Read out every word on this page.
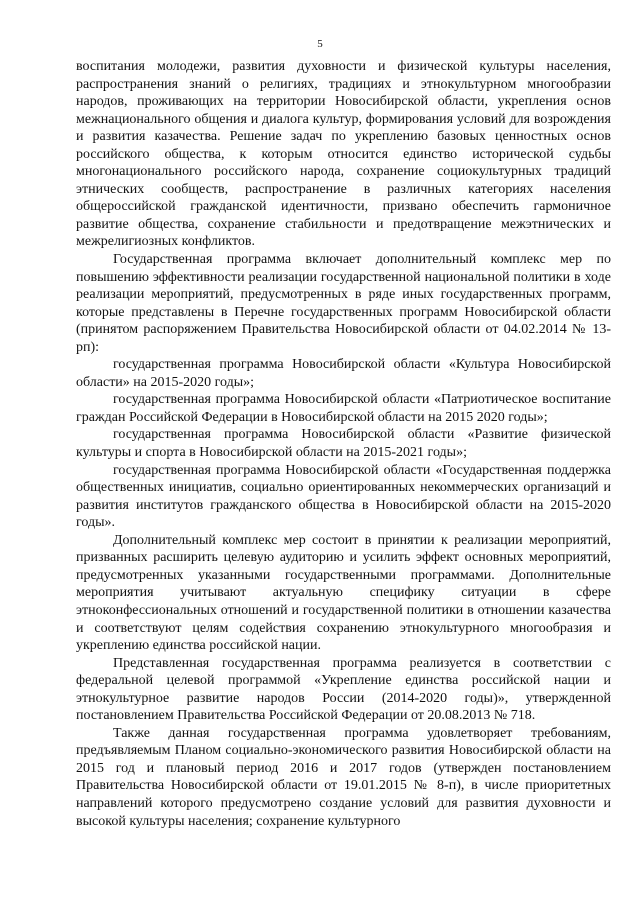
5

воспитания молодежи, развития духовности и физической культуры населения, распространения знаний о религиях, традициях и этнокультурном многообразии народов, проживающих на территории Новосибирской области, укрепления основ межнационального общения и диалога культур, формирования условий для возрождения и развития казачества. Решение задач по укреплению базовых ценностных основ российского общества, к которым относится единство исторической судьбы многонационального российского народа, сохранение социокультурных традиций этнических сообществ, распространение в различных категориях населения общероссийской гражданской идентичности, призвано обеспечить гармоничное развитие общества, сохранение стабильности и предотвращение межэтнических и межрелигиозных конфликтов.

Государственная программа включает дополнительный комплекс мер по повышению эффективности реализации государственной национальной политики в ходе реализации мероприятий, предусмотренных в ряде иных государственных программ, которые представлены в Перечне государственных программ Новосибирской области (принятом распоряжением Правительства Новосибирской области от 04.02.2014 № 13-рп):

государственная программа Новосибирской области «Культура Новосибирской области» на 2015-2020 годы»;

государственная программа Новосибирской области «Патриотическое воспитание граждан Российской Федерации в Новосибирской области на 2015 2020 годы»;

государственная программа Новосибирской области «Развитие физической культуры и спорта в Новосибирской области на 2015-2021 годы»;

государственная программа Новосибирской области «Государственная поддержка общественных инициатив, социально ориентированных некоммерческих организаций и развития институтов гражданского общества в Новосибирской области на 2015-2020 годы».

Дополнительный комплекс мер состоит в принятии к реализации мероприятий, призванных расширить целевую аудиторию и усилить эффект основных мероприятий, предусмотренных указанными государственными программами. Дополнительные мероприятия учитывают актуальную специфику ситуации в сфере этноконфессиональных отношений и государственной политики в отношении казачества и соответствуют целям содействия сохранению этнокультурного многообразия и укреплению единства российской нации.

Представленная государственная программа реализуется в соответствии с федеральной целевой программой «Укрепление единства российской нации и этнокультурное развитие народов России (2014-2020 годы)», утвержденной постановлением Правительства Российской Федерации от 20.08.2013 № 718.

Также данная государственная программа удовлетворяет требованиям, предъявляемым Планом социально-экономического развития Новосибирской области на 2015 год и плановый период 2016 и 2017 годов (утвержден постановлением Правительства Новосибирской области от 19.01.2015 № 8-п), в числе приоритетных направлений которого предусмотрено создание условий для развития духовности и высокой культуры населения; сохранение культурного
